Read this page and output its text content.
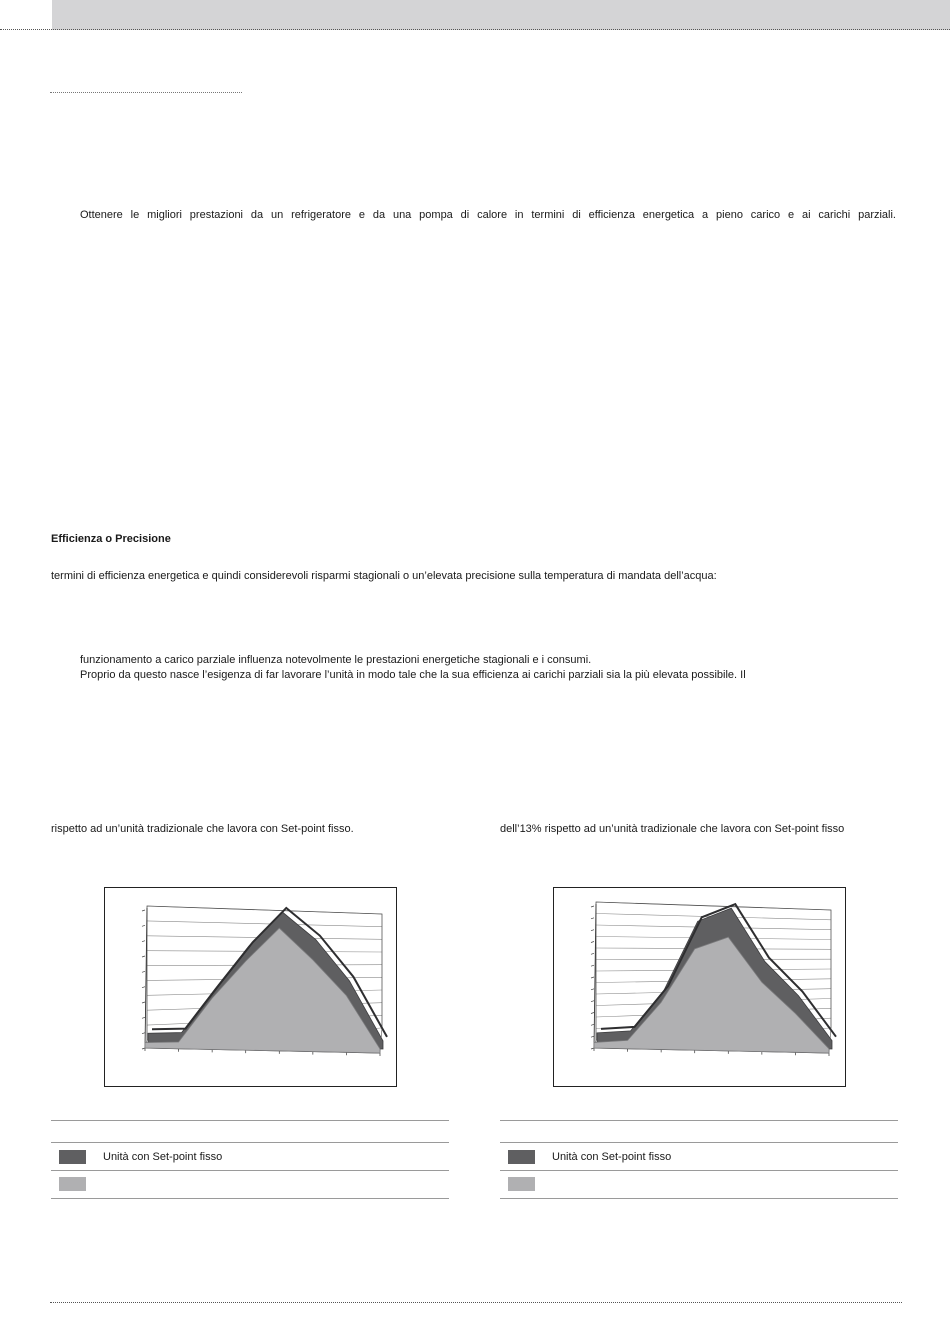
Ottenere le migliori prestazioni da un refrigeratore e da una pompa di calore in termini di efficienza energetica a pieno carico e ai carichi parziali.
Efficienza o Precisione
termini di efficienza energetica e quindi considerevoli risparmi stagionali o un’elevata precisione sulla temperatura di mandata dell’acqua:
funzionamento a carico parziale influenza notevolmente le prestazioni energetiche stagionali e i consumi.
Proprio da questo nasce l’esigenza di far lavorare l’unità in modo tale che la sua efficienza ai carichi parziali sia la più elevata possibile. Il
rispetto ad un’unità tradizionale che lavora con Set-point fisso.	dell’13% rispetto ad un’unità tradizionale che lavora con Set-point fisso
Unità con Set-point fisso	Unità con Set-point fisso
